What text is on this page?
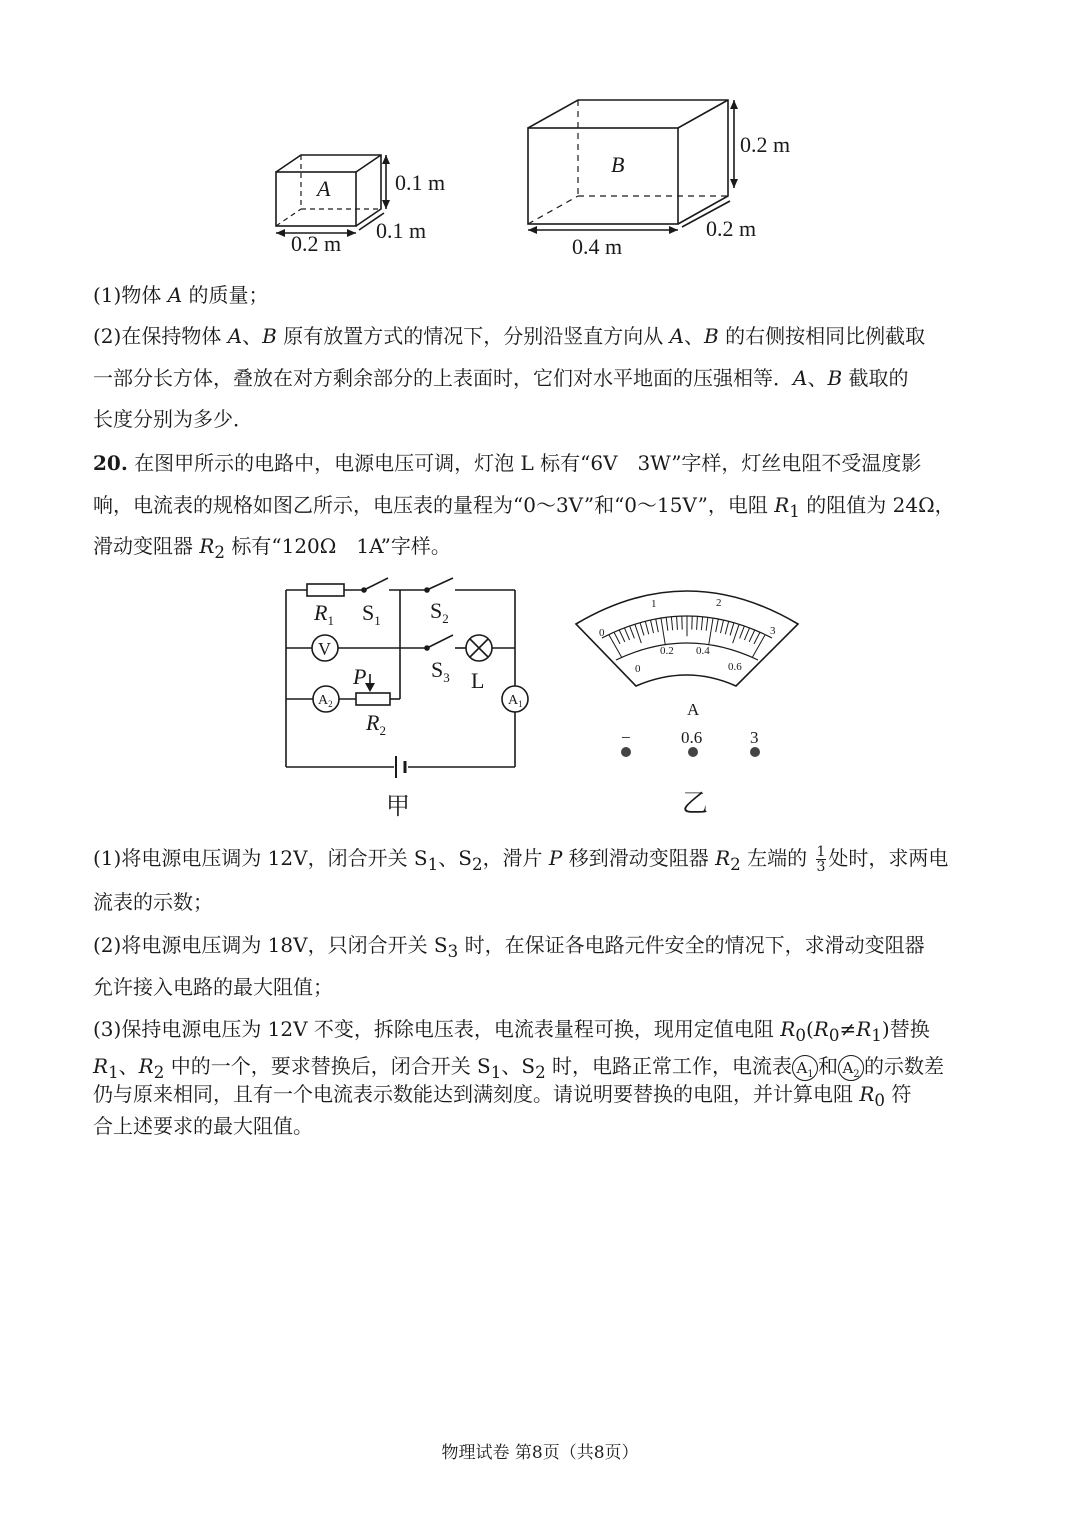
A	0.1 m
0.1 m
0.2 m
B
0.2 m
0.2 m
0.4 m
(1)物体 A 的质量；
(2)在保持物体 A、B 原有放置方式的情况下，分别沿竖直方向从 A、B 的右侧按相同比例截取
一部分长方体，叠放在对方剩余部分的上表面时，它们对水平地面的压强相等．A、B 截取的
长度分别为多少．
20. 在图甲所示的电路中，电源电压可调，灯泡 L 标有“6V　3W”字样，灯丝电阻不受温度影
响，电流表的规格如图乙所示，电压表的量程为“0～3V”和“0～15V”，电阻 $R_1$ 的阻值为 24Ω，
滑动变阻器 $R_2$ 标有“120Ω　1A”字样。
$R_1$ $S_1$ $S_2$
V
$S_3$ L
$A_1$
$A_2$
P
$R_2$
甲
0
1	2
3
0
0.2 0.4
0.6
A
−	0.6	3
乙
(1)将电源电压调为 12V，闭合开关 $S_1$、$S_2$，滑片 P 移到滑动变阻器 $R_2$ 左端的 $\frac{1}{3}$ 处时，求两电
流表的示数；
(2)将电源电压调为 18V，只闭合开关 $S_3$ 时，在保证各电路元件安全的情况下，求滑动变阻器
允许接入电路的最大阻值；
(3)保持电源电压为 12V 不变，拆除电压表，电流表量程可换，现用定值电阻 $R_0(R_0\ne R_1)$替换
$R_1$、$R_2$ 中的一个，要求替换后，闭合开关 $S_1$、$S_2$ 时，电路正常工作，电流表 $A_1$ 和 $A_2$ 的示数差
仍与原来相同，且有一个电流表示数能达到满刻度。请说明要替换的电阻，并计算电阻 $R_0$ 符
合上述要求的最大阻值。
物理试卷 第8页（共8页）
